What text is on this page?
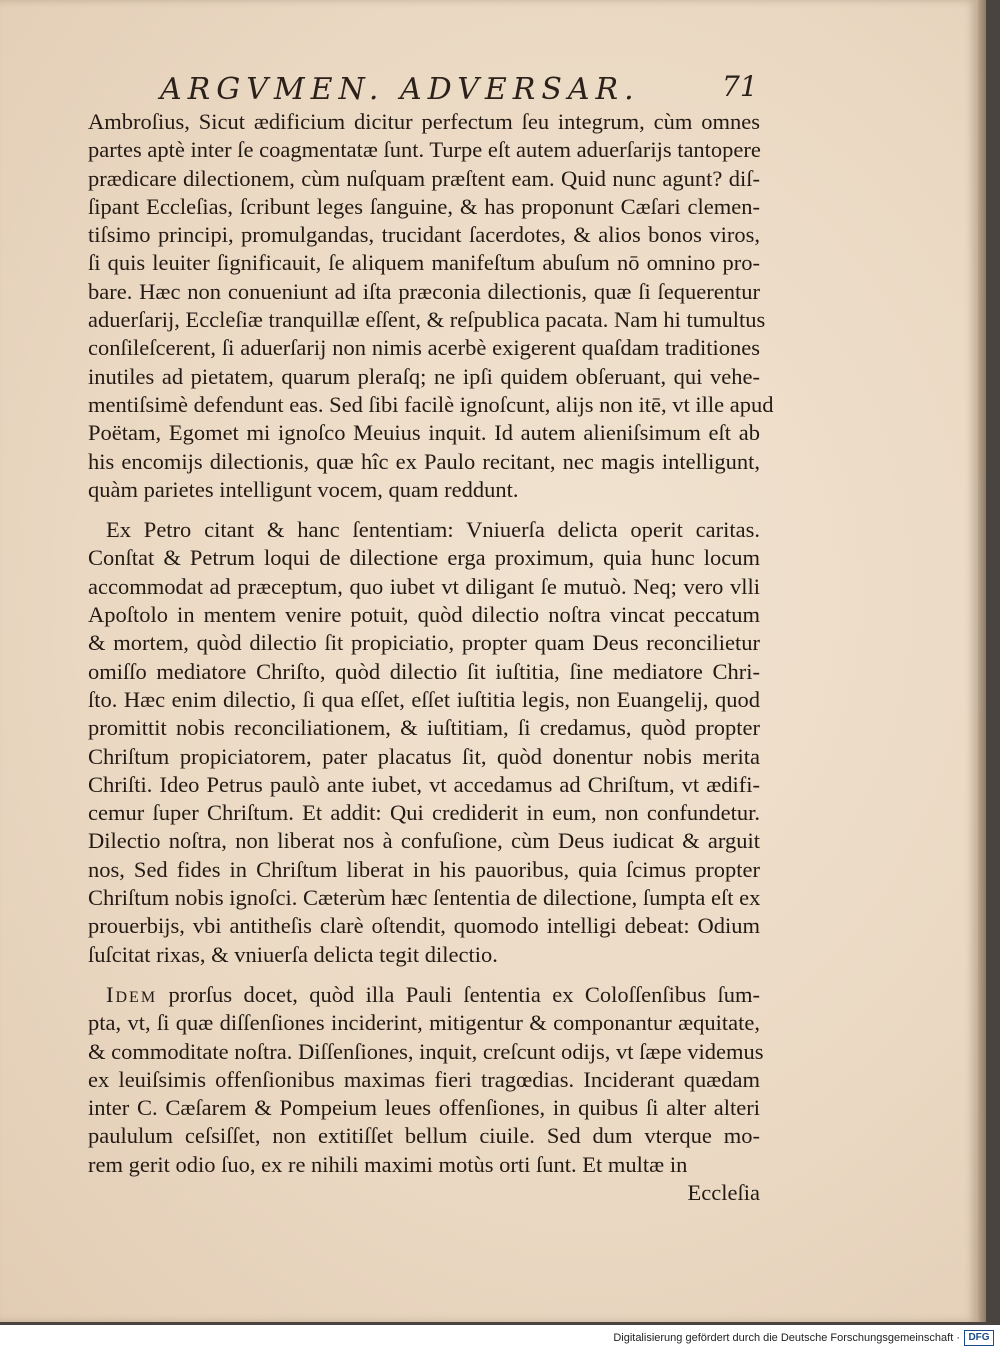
ARGVMEN. ADVERSAR.	71
Ambroſius, Sicut ædificium dicitur perfectum ſeu integrum, cùm omnes
partes aptè inter ſe coagmentatæ ſunt. Turpe eſt autem aduerſarijs tantopere
prædicare dilectionem, cùm nuſquam præſtent eam. Quid nunc agunt? diſ-
ſipant Eccleſias, ſcribunt leges ſanguine, & has proponunt Cæſari clemen-
tiſsimo principi, promulgandas, trucidant ſacerdotes, & alios bonos viros,
ſi quis leuiter ſignificauit, ſe aliquem manifeſtum abuſum nō omnino pro-
bare. Hæc non conueniunt ad iſta præconia dilectionis, quæ ſi ſequerentur
aduerſarij, Eccleſiæ tranquillæ eſſent, & reſpublica pacata. Nam hi tumultus
conſileſcerent, ſi aduerſarij non nimis acerbè exigerent quaſdam traditiones
inutiles ad pietatem, quarum pleraſq; ne ipſi quidem obſeruant, qui vehe-
mentiſsimè defendunt eas. Sed ſibi facilè ignoſcunt, alijs non itē, vt ille apud
Poëtam, Egomet mi ignoſco Meuius inquit. Id autem alieniſsimum eſt ab
his encomijs dilectionis, quæ hîc ex Paulo recitant, nec magis intelligunt,
quàm parietes intelligunt vocem, quam reddunt.
Ex Petro citant & hanc ſententiam: Vniuerſa delicta operit caritas.
Conſtat & Petrum loqui de dilectione erga proximum, quia hunc locum
accommodat ad præceptum, quo iubet vt diligant ſe mutuò. Neq; vero vlli
Apoſtolo in mentem venire potuit, quòd dilectio noſtra vincat peccatum
& mortem, quòd dilectio ſit propiciatio, propter quam Deus reconcilietur
omiſſo mediatore Chriſto, quòd dilectio ſit iuſtitia, ſine mediatore Chri-
ſto. Hæc enim dilectio, ſi qua eſſet, eſſet iuſtitia legis, non Euangelij, quod
promittit nobis reconciliationem, & iuſtitiam, ſi credamus, quòd propter
Chriſtum propiciatorem, pater placatus ſit, quòd donentur nobis merita
Chriſti. Ideo Petrus paulò ante iubet, vt accedamus ad Chriſtum, vt ædifi-
cemur ſuper Chriſtum. Et addit: Qui crediderit in eum, non confundetur.
Dilectio noſtra, non liberat nos à confuſione, cùm Deus iudicat & arguit
nos, Sed fides in Chriſtum liberat in his pauoribus, quia ſcimus propter
Chriſtum nobis ignoſci. Cæterùm hæc ſententia de dilectione, ſumpta eſt ex
prouerbijs, vbi antitheſis clarè oſtendit, quomodo intelligi debeat: Odium
ſuſcitat rixas, & vniuerſa delicta tegit dilectio.
Idem prorſus docet, quòd illa Pauli ſententia ex Coloſſenſibus ſum-
pta, vt, ſi quæ diſſenſiones inciderint, mitigentur & componantur æquitate,
& commoditate noſtra. Diſſenſiones, inquit, creſcunt odijs, vt ſæpe videmus
ex leuiſsimis offenſionibus maximas fieri tragœdias. Inciderant quædam
inter C. Cæſarem & Pompeium leues offenſiones, in quibus ſi alter alteri
paululum ceſsiſſet, non extitiſſet bellum ciuile. Sed dum vterque mo-
rem gerit odio ſuo, ex re nihili maximi motùs orti ſunt. Et multæ in
Eccleſia
Digitalisierung gefördert durch die Deutsche Forschungsgemeinschaft · DFG
